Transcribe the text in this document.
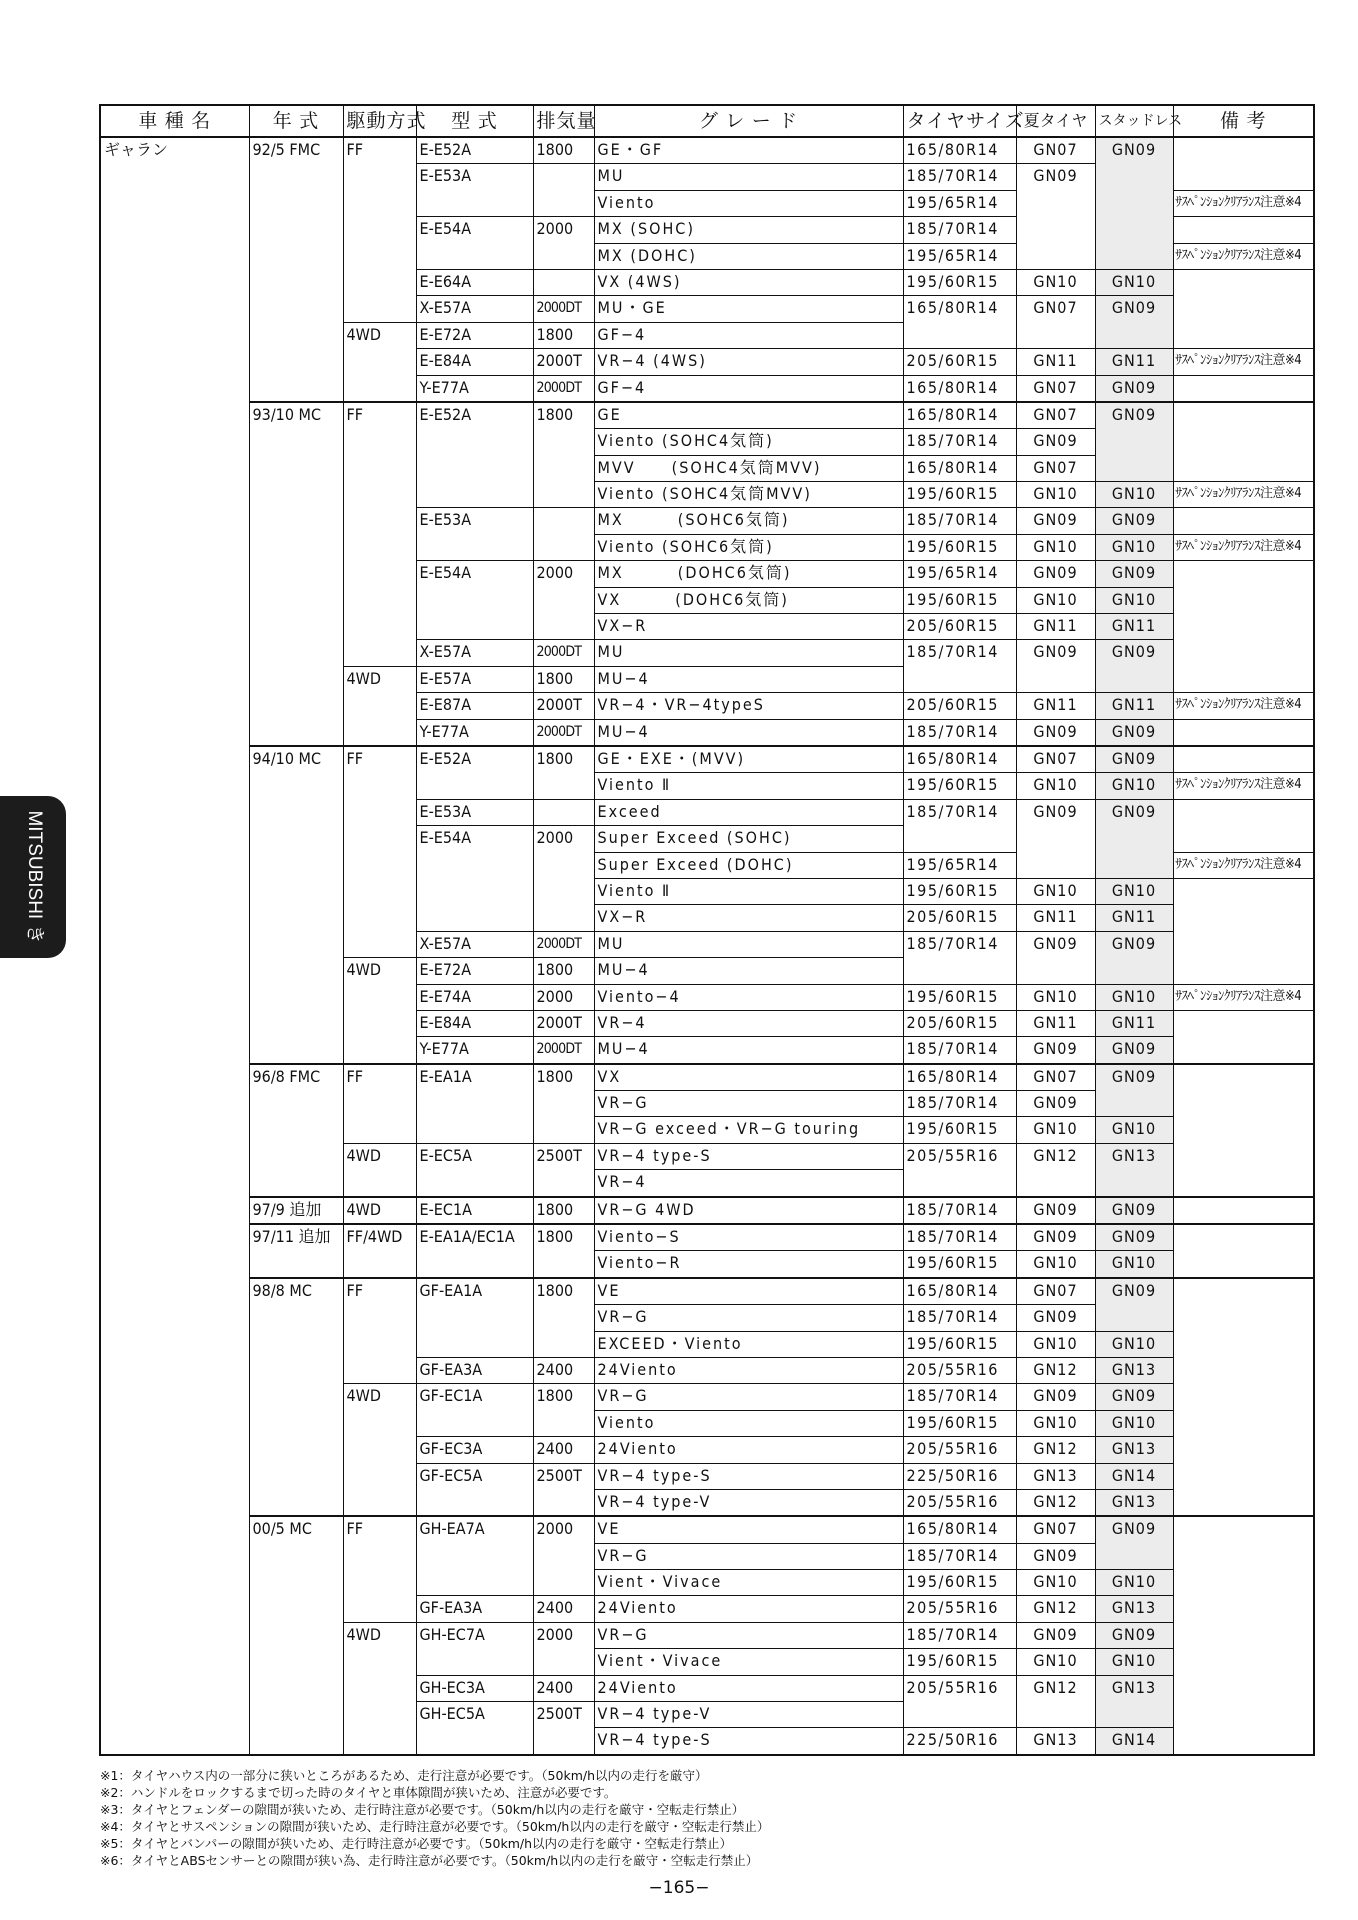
MITSUBISHI き
車 種 名	年 式	駆動方式	型 式	排気量	グ レ ー ド	タイヤサイズ	夏タイヤ	スタッドレス	備 考
ギャラン	92/5 FMC	FF	E-E52A	1800	GE・GF	165/80R14	GN07	GN09	
			E-E53A		MU	185/70R14	GN09		
					Viento	195/65R14			ｻｽﾍﾟﾝｼｮﾝｸﾘｱﾗﾝｽ注意※4
			E-E54A	2000	MX (SOHC)	185/70R14			
					MX (DOHC)	195/65R14			ｻｽﾍﾟﾝｼｮﾝｸﾘｱﾗﾝｽ注意※4
			E-E64A		VX (4WS)	195/60R15	GN10	GN10	
			X-E57A	2000DT	MU・GE	165/80R14	GN07	GN09	
		4WD	E-E72A	1800	GF−4				
			E-E84A	2000T	VR−4 (4WS)	205/60R15	GN11	GN11	ｻｽﾍﾟﾝｼｮﾝｸﾘｱﾗﾝｽ注意※4
			Y-E77A	2000DT	GF−4	165/80R14	GN07	GN09	
	93/10 MC	FF	E-E52A	1800	GE	165/80R14	GN07	GN09	
					Viento (SOHC4気筒)	185/70R14	GN09		
					MVV　　(SOHC4気筒MVV)	165/80R14	GN07		
					Viento (SOHC4気筒MVV)	195/60R15	GN10	GN10	ｻｽﾍﾟﾝｼｮﾝｸﾘｱﾗﾝｽ注意※4
			E-E53A		MX　　　(SOHC6気筒)	185/70R14	GN09	GN09	
					Viento (SOHC6気筒)	195/60R15	GN10	GN10	ｻｽﾍﾟﾝｼｮﾝｸﾘｱﾗﾝｽ注意※4
			E-E54A	2000	MX　　　(DOHC6気筒)	195/65R14	GN09	GN09	
					VX　　　(DOHC6気筒)	195/60R15	GN10	GN10	
					VX−R	205/60R15	GN11	GN11	
			X-E57A	2000DT	MU	185/70R14	GN09	GN09	
		4WD	E-E57A	1800	MU−4				
			E-E87A	2000T	VR−4・VR−4typeS	205/60R15	GN11	GN11	ｻｽﾍﾟﾝｼｮﾝｸﾘｱﾗﾝｽ注意※4
			Y-E77A	2000DT	MU−4	185/70R14	GN09	GN09	
	94/10 MC	FF	E-E52A	1800	GE・EXE・(MVV)	165/80R14	GN07	GN09	
					Viento Ⅱ	195/60R15	GN10	GN10	ｻｽﾍﾟﾝｼｮﾝｸﾘｱﾗﾝｽ注意※4
			E-E53A		Exceed	185/70R14	GN09	GN09	
			E-E54A	2000	Super Exceed (SOHC)				
					Super Exceed (DOHC)	195/65R14			ｻｽﾍﾟﾝｼｮﾝｸﾘｱﾗﾝｽ注意※4
					Viento Ⅱ	195/60R15	GN10	GN10	
					VX−R	205/60R15	GN11	GN11	
			X-E57A	2000DT	MU	185/70R14	GN09	GN09	
		4WD	E-E72A	1800	MU−4				
			E-E74A	2000	Viento−4	195/60R15	GN10	GN10	ｻｽﾍﾟﾝｼｮﾝｸﾘｱﾗﾝｽ注意※4
			E-E84A	2000T	VR−4	205/60R15	GN11	GN11	
			Y-E77A	2000DT	MU−4	185/70R14	GN09	GN09	
	96/8 FMC	FF	E-EA1A	1800	VX	165/80R14	GN07	GN09	
					VR−G	185/70R14	GN09		
					VR−G exceed・VR−G touring	195/60R15	GN10	GN10	
		4WD	E-EC5A	2500T	VR−4 type-S	205/55R16	GN12	GN13	
					VR−4				
	97/9 追加	4WD	E-EC1A	1800	VR−G 4WD	185/70R14	GN09	GN09	
	97/11 追加	FF/4WD	E-EA1A/EC1A	1800	Viento−S	185/70R14	GN09	GN09	
					Viento−R	195/60R15	GN10	GN10	
	98/8 MC	FF	GF-EA1A	1800	VE	165/80R14	GN07	GN09	
					VR−G	185/70R14	GN09		
					EXCEED・Viento	195/60R15	GN10	GN10	
			GF-EA3A	2400	24Viento	205/55R16	GN12	GN13	
		4WD	GF-EC1A	1800	VR−G	185/70R14	GN09	GN09	
					Viento	195/60R15	GN10	GN10	
			GF-EC3A	2400	24Viento	205/55R16	GN12	GN13	
			GF-EC5A	2500T	VR−4 type-S	225/50R16	GN13	GN14	
					VR−4 type-V	205/55R16	GN12	GN13	
	00/5 MC	FF	GH-EA7A	2000	VE	165/80R14	GN07	GN09	
					VR−G	185/70R14	GN09		
					Vient・Vivace	195/60R15	GN10	GN10	
			GF-EA3A	2400	24Viento	205/55R16	GN12	GN13	
		4WD	GH-EC7A	2000	VR−G	185/70R14	GN09	GN09	
					Vient・Vivace	195/60R15	GN10	GN10	
			GH-EC3A	2400	24Viento	205/55R16	GN12	GN13	
			GH-EC5A	2500T	VR−4 type-V				
					VR−4 type-S	225/50R16	GN13	GN14	
※1：タイヤハウス内の一部分に狭いところがあるため、走行注意が必要です。（50km/h以内の走行を厳守）
※2：ハンドルをロックするまで切った時のタイヤと車体隙間が狭いため、注意が必要です。
※3：タイヤとフェンダーの隙間が狭いため、走行時注意が必要です。（50km/h以内の走行を厳守・空転走行禁止）
※4：タイヤとサスペンションの隙間が狭いため、走行時注意が必要です。（50km/h以内の走行を厳守・空転走行禁止）
※5：タイヤとバンパーの隙間が狭いため、走行時注意が必要です。（50km/h以内の走行を厳守・空転走行禁止）
※6：タイヤとABSセンサーとの隙間が狭い為、走行時注意が必要です。（50km/h以内の走行を厳守・空転走行禁止）
−165−
